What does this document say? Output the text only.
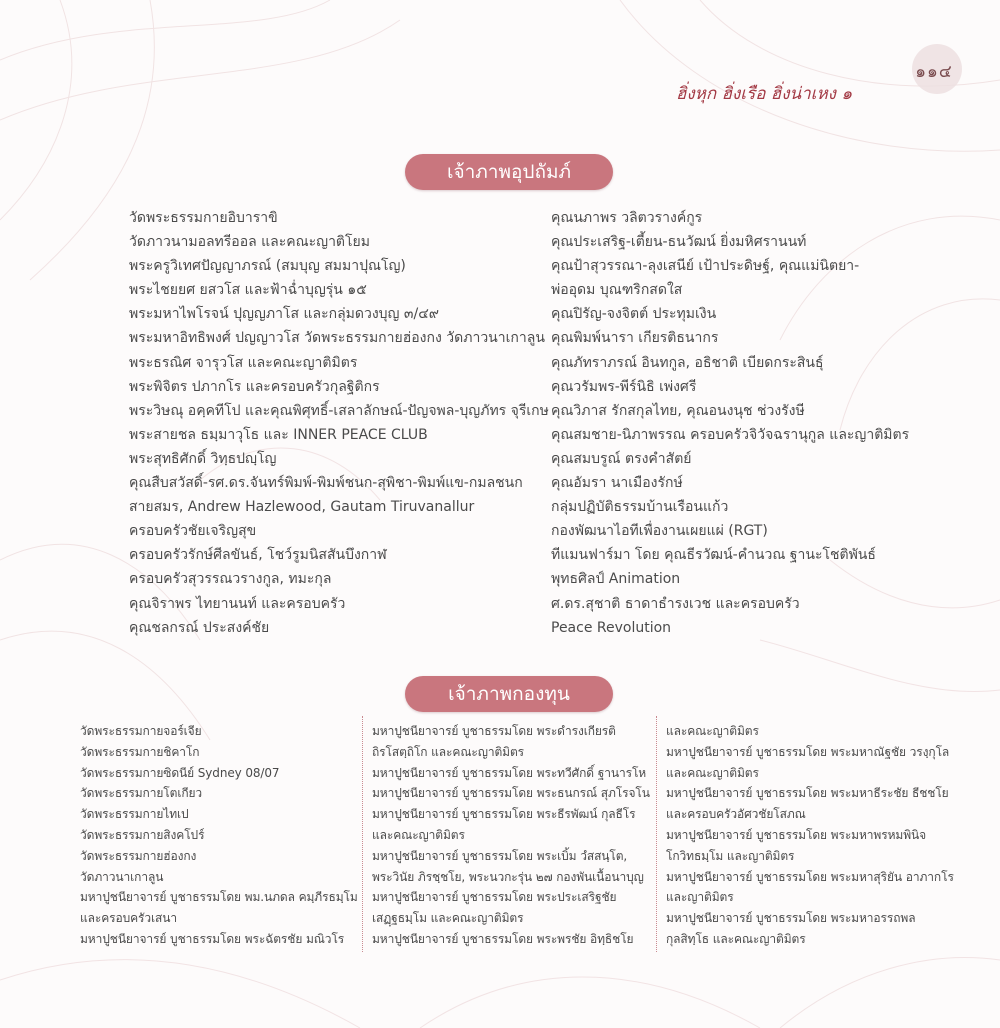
๑๑๔
ฮิ่งหุก ฮิ่งเรือ ฮิ่งน่าเหง ๑
เจ้าภาพอุปถัมภ์
วัดพระธรรมกายอิบาราขิ
วัดภาวนามอลทรีออล และคณะญาติโยม
พระครูวิเทศปัญญาภรณ์ (สมบุญ สมมาปุณโญ)
พระไชยยศ ยสวโส และฟ้าฉ่ำบุญรุ่น ๑๕
พระมหาไพโรจน์ ปุญญภาโส และกลุ่มดวงบุญ ๓/๔๙
พระมหาอิทธิพงศ์ ปญญาวโส วัดพระธรรมกายฮ่องกง วัดภาวนาเกาลูน
พระธรณิศ จารุวโส และคณะญาติมิตร
พระพิจิตร ปภากโร และครอบครัวกุลฐิติกร
พระวิษณุ อคฺคทีโป และคุณพิศุทธิ์-เสลาลักษณ์-ปัญจพล-บุญภัทร จุรีเกษ
พระสายชล ธมฺมาวุโธ และ INNER PEACE CLUB
พระสุทธิศักดิ์ วิทฺธปญฺโญ
คุณสืบสวัสดิ์-รศ.ดร.จันทร์พิมพ์-พิมพ์ชนก-สุพิชา-พิมพ์แข-กมลชนก
สายสมร, Andrew Hazlewood, Gautam Tiruvanallur
ครอบครัวชัยเจริญสุข
ครอบครัวรักษ์ศีลขันธ์, โชว์รูมนิสสันบึงกาฬ
ครอบครัวสุวรรณวรางกูล, ทมะกุล
คุณจิราพร ไทยานนท์ และครอบครัว
คุณชลกรณ์ ประสงค์ชัย
คุณนภาพร วลิตวรางค์กูร
คุณประเสริฐ-เตี้ยน-ธนวัฒน์ ยิ่งมหิศรานนท์
คุณป้าสุวรรณา-ลุงเสนีย์ เป้าประดิษฐ์, คุณแม่นิตยา-
พ่ออุดม บุณฑริกสดใส
คุณปิรัญ-จงจิตต์ ประทุมเงิน
คุณพิมพ์นารา เกียรติธนากร
คุณภัทราภรณ์ อินทกูล, อธิชาติ เบียดกระสินธุ์
คุณวรัมพร-พีร์นิธิ เพ่งศรี
คุณวิภาส รักสกุลไทย, คุณอนงนุช ช่วงรังษี
คุณสมชาย-นิภาพรรณ ครอบครัวจิวัจฉรานุกูล และญาติมิตร
คุณสมบรูณ์ ตรงคำสัตย์
คุณอัมรา นาเมืองรักษ์
กลุ่มปฏิบัติธรรมบ้านเรือนแก้ว
กองพัฒนาไอทีเพื่องานเผยแผ่ (RGT)
ทีแมนฟาร์มา โดย คุณธีรวัฒน์-คำนวณ ฐานะโชติพันธ์
พุทธศิลป์ Animation
ศ.ดร.สุชาติ ธาดาธำรงเวช และครอบครัว
Peace Revolution
เจ้าภาพกองทุน
วัดพระธรรมกายจอร์เจีย
วัดพระธรรมกายชิคาโก
วัดพระธรรมกายซิดนีย์ Sydney 08/07
วัดพระธรรมกายโตเกียว
วัดพระธรรมกายไทเป
วัดพระธรรมกายสิงคโปร์
วัดพระธรรมกายฮ่องกง
วัดภาวนาเกาลูน
มหาปูชนียาจารย์ บูชาธรรมโดย พม.นภดล คมฺภีรธมฺโม
และครอบครัวเสนา
มหาปูชนียาจารย์ บูชาธรรมโดย พระฉัตรชัย มณิวโร
มหาปูชนียาจารย์ บูชาธรรมโดย พระดำรงเกียรติ
ถิรโสตฺถิโก และคณะญาติมิตร
มหาปูชนียาจารย์ บูชาธรรมโดย พระทวีศักดิ์ ฐานารโห
มหาปูชนียาจารย์ บูชาธรรมโดย พระธนกรณ์ สุภโรจโน
มหาปูชนียาจารย์ บูชาธรรมโดย พระธีรพัฒน์ กุลธีโร
และคณะญาติมิตร
มหาปูชนียาจารย์ บูชาธรรมโดย พระเบิ้ม วํสสนฺโต,
พระวินัย ภิรชฺชโย, พระนวกะรุ่น ๒๗ กองพันเนื้อนาบุญ
มหาปูชนียาจารย์ บูชาธรรมโดย พระประเสริฐชัย
เสฏฺฐธมฺโม และคณะญาติมิตร
มหาปูชนียาจารย์ บูชาธรรมโดย พระพรชัย อิทฺธิชโย
และคณะญาติมิตร
มหาปูชนียาจารย์ บูชาธรรมโดย พระมหาณัฐชัย วรงฺกุโล
และคณะญาติมิตร
มหาปูชนียาจารย์ บูชาธรรมโดย พระมหาธีระชัย ธีชชโย
และครอบครัวอัศวชัยโสภณ
มหาปูชนียาจารย์ บูชาธรรมโดย พระมหาพรหมพินิจ
โกวิทธมฺโม และญาติมิตร
มหาปูชนียาจารย์ บูชาธรรมโดย พระมหาสุริยัน อาภากโร
และญาติมิตร
มหาปูชนียาจารย์ บูชาธรรมโดย พระมหาอรรถพล
กุลสิทฺโธ และคณะญาติมิตร
